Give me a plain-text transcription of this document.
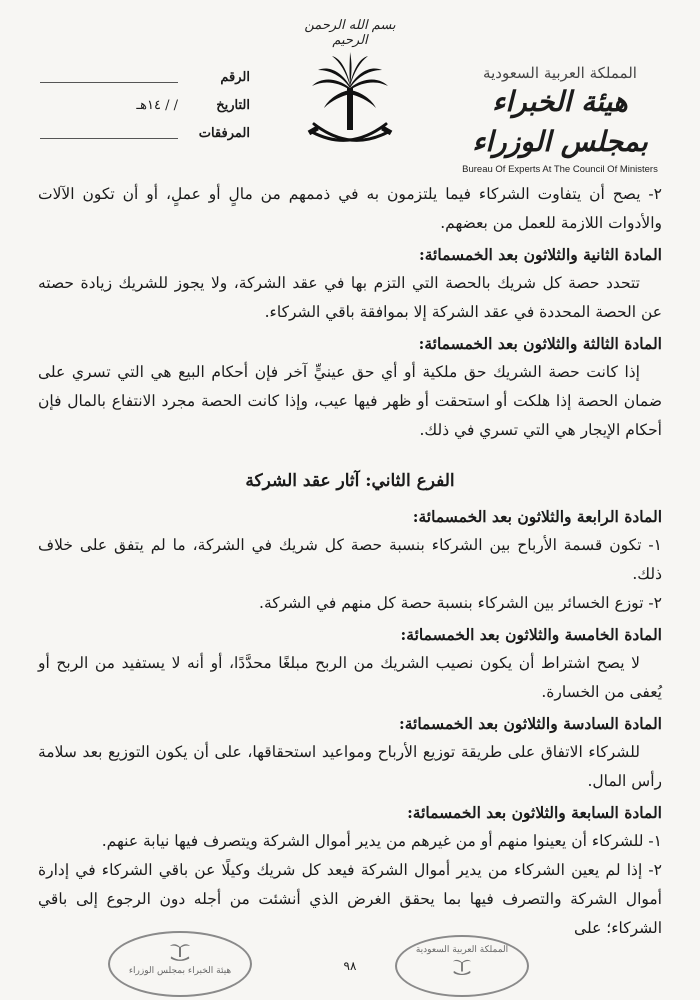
المملكة العربية السعودية
هيئة الخبراء بمجلس الوزراء
Bureau Of Experts At The Council Of Ministers
بسم الله الرحمن الرحيم
الرقم
التاريخ
/ / ١٤هـ
المرفقات

٢- يصح أن يتفاوت الشركاء فيما يلتزمون به في ذممهم من مالٍ أو عملٍ، أو أن تكون الآلات والأدوات اللازمة للعمل من بعضهم.

المادة الثانية والثلاثون بعد الخمسمائة:

تتحدد حصة كل شريك بالحصة التي التزم بها في عقد الشركة، ولا يجوز للشريك زيادة حصته عن الحصة المحددة في عقد الشركة إلا بموافقة باقي الشركاء.

المادة الثالثة والثلاثون بعد الخمسمائة:

إذا كانت حصة الشريك حق ملكية أو أي حق عينيٍّ آخر فإن أحكام البيع هي التي تسري على ضمان الحصة إذا هلكت أو استحقت أو ظهر فيها عيب، وإذا كانت الحصة مجرد الانتفاع بالمال فإن أحكام الإيجار هي التي تسري في ذلك.

الفرع الثاني: آثار عقد الشركة

المادة الرابعة والثلاثون بعد الخمسمائة:

١- تكون قسمة الأرباح بين الشركاء بنسبة حصة كل شريك في الشركة، ما لم يتفق على خلاف ذلك.

٢- توزع الخسائر بين الشركاء بنسبة حصة كل منهم في الشركة.

المادة الخامسة والثلاثون بعد الخمسمائة:

لا يصح اشتراط أن يكون نصيب الشريك من الربح مبلغًا محدَّدًا، أو أنه لا يستفيد من الربح أو يُعفى من الخسارة.

المادة السادسة والثلاثون بعد الخمسمائة:

للشركاء الاتفاق على طريقة توزيع الأرباح ومواعيد استحقاقها، على أن يكون التوزيع بعد سلامة رأس المال.

المادة السابعة والثلاثون بعد الخمسمائة:

١- للشركاء أن يعينوا منهم أو من غيرهم من يدير أموال الشركة ويتصرف فيها نيابة عنهم.

٢- إذا لم يعين الشركاء من يدير أموال الشركة فيعد كل شريك وكيلًا عن باقي الشركاء في إدارة أموال الشركة والتصرف فيها بما يحقق الغرض الذي أنشئت من أجله دون الرجوع إلى باقي الشركاء؛ على

هيئة الخبراء بمجلس الوزراء	٩٨
المملكة العربية السعودية
